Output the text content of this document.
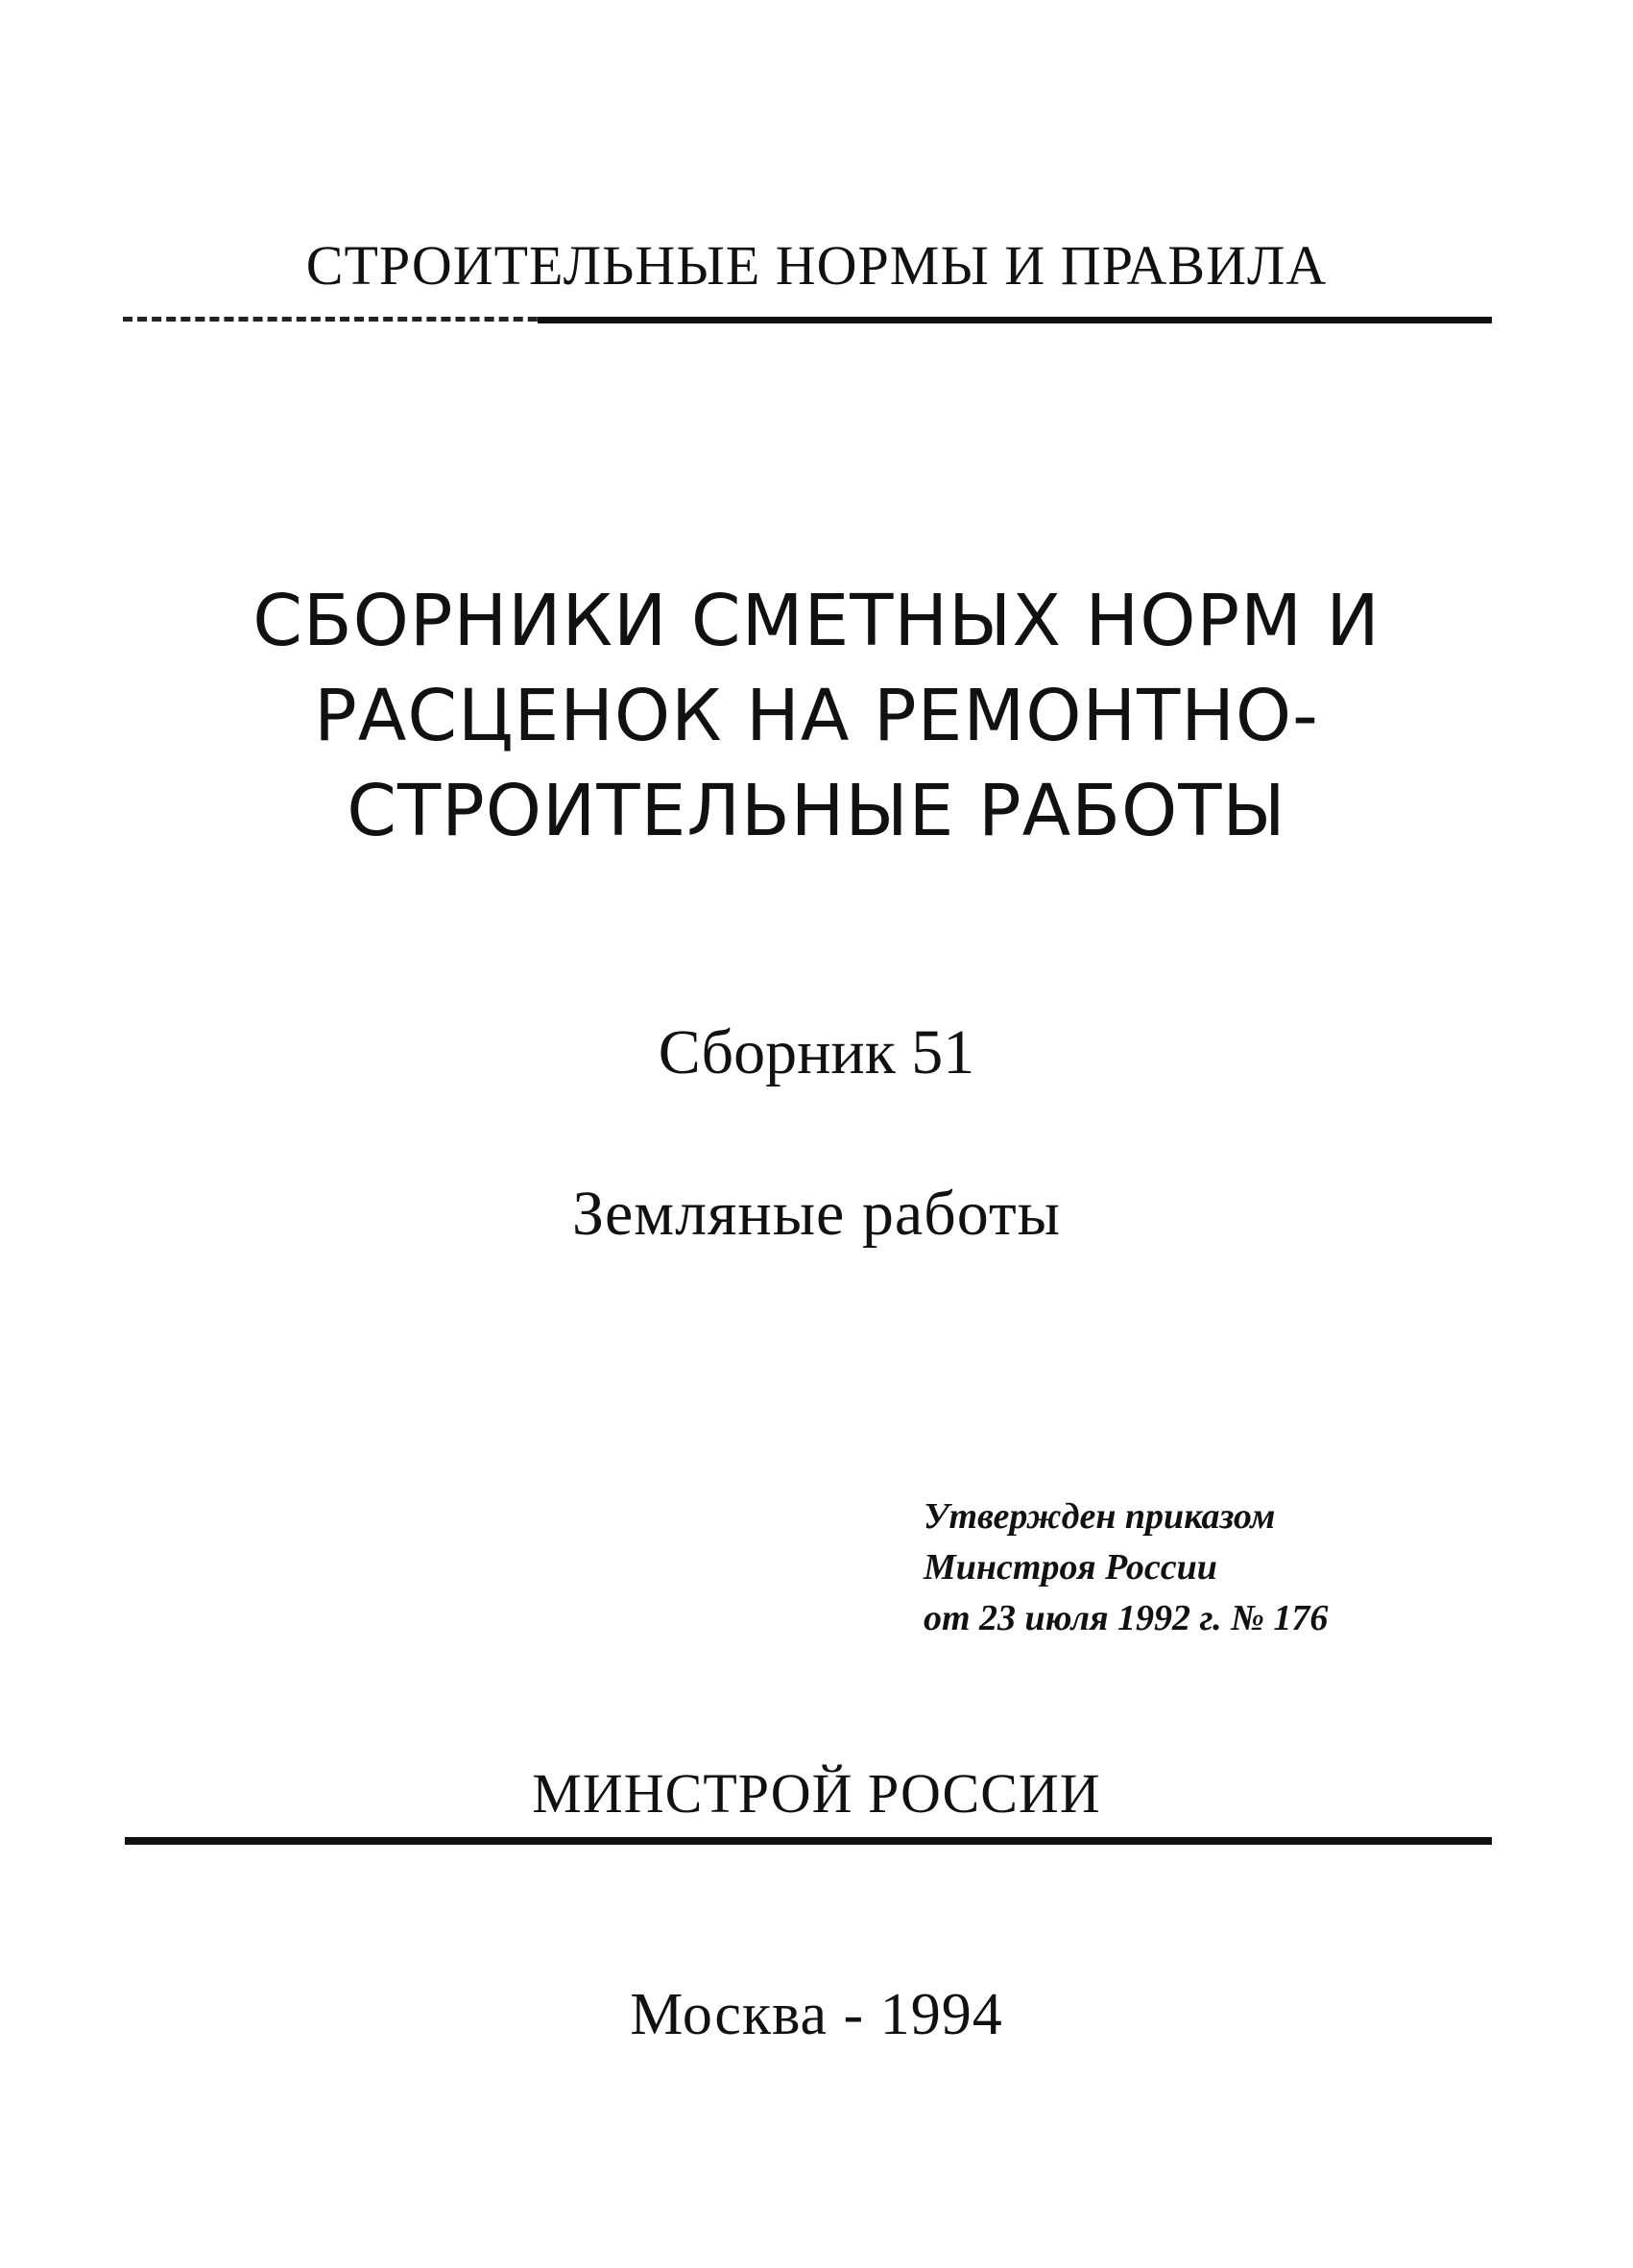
СТРОИТЕЛЬНЫЕ НОРМЫ И ПРАВИЛА
СБОРНИКИ СМЕТНЫХ НОРМ И
РАСЦЕНОК НА РЕМОНТНО-
СТРОИТЕЛЬНЫЕ РАБОТЫ
Сборник 51
Земляные работы
Утвержден приказом
Минстроя России
от 23 июля 1992 г. № 176
МИНСТРОЙ РОССИИ
Москва - 1994
